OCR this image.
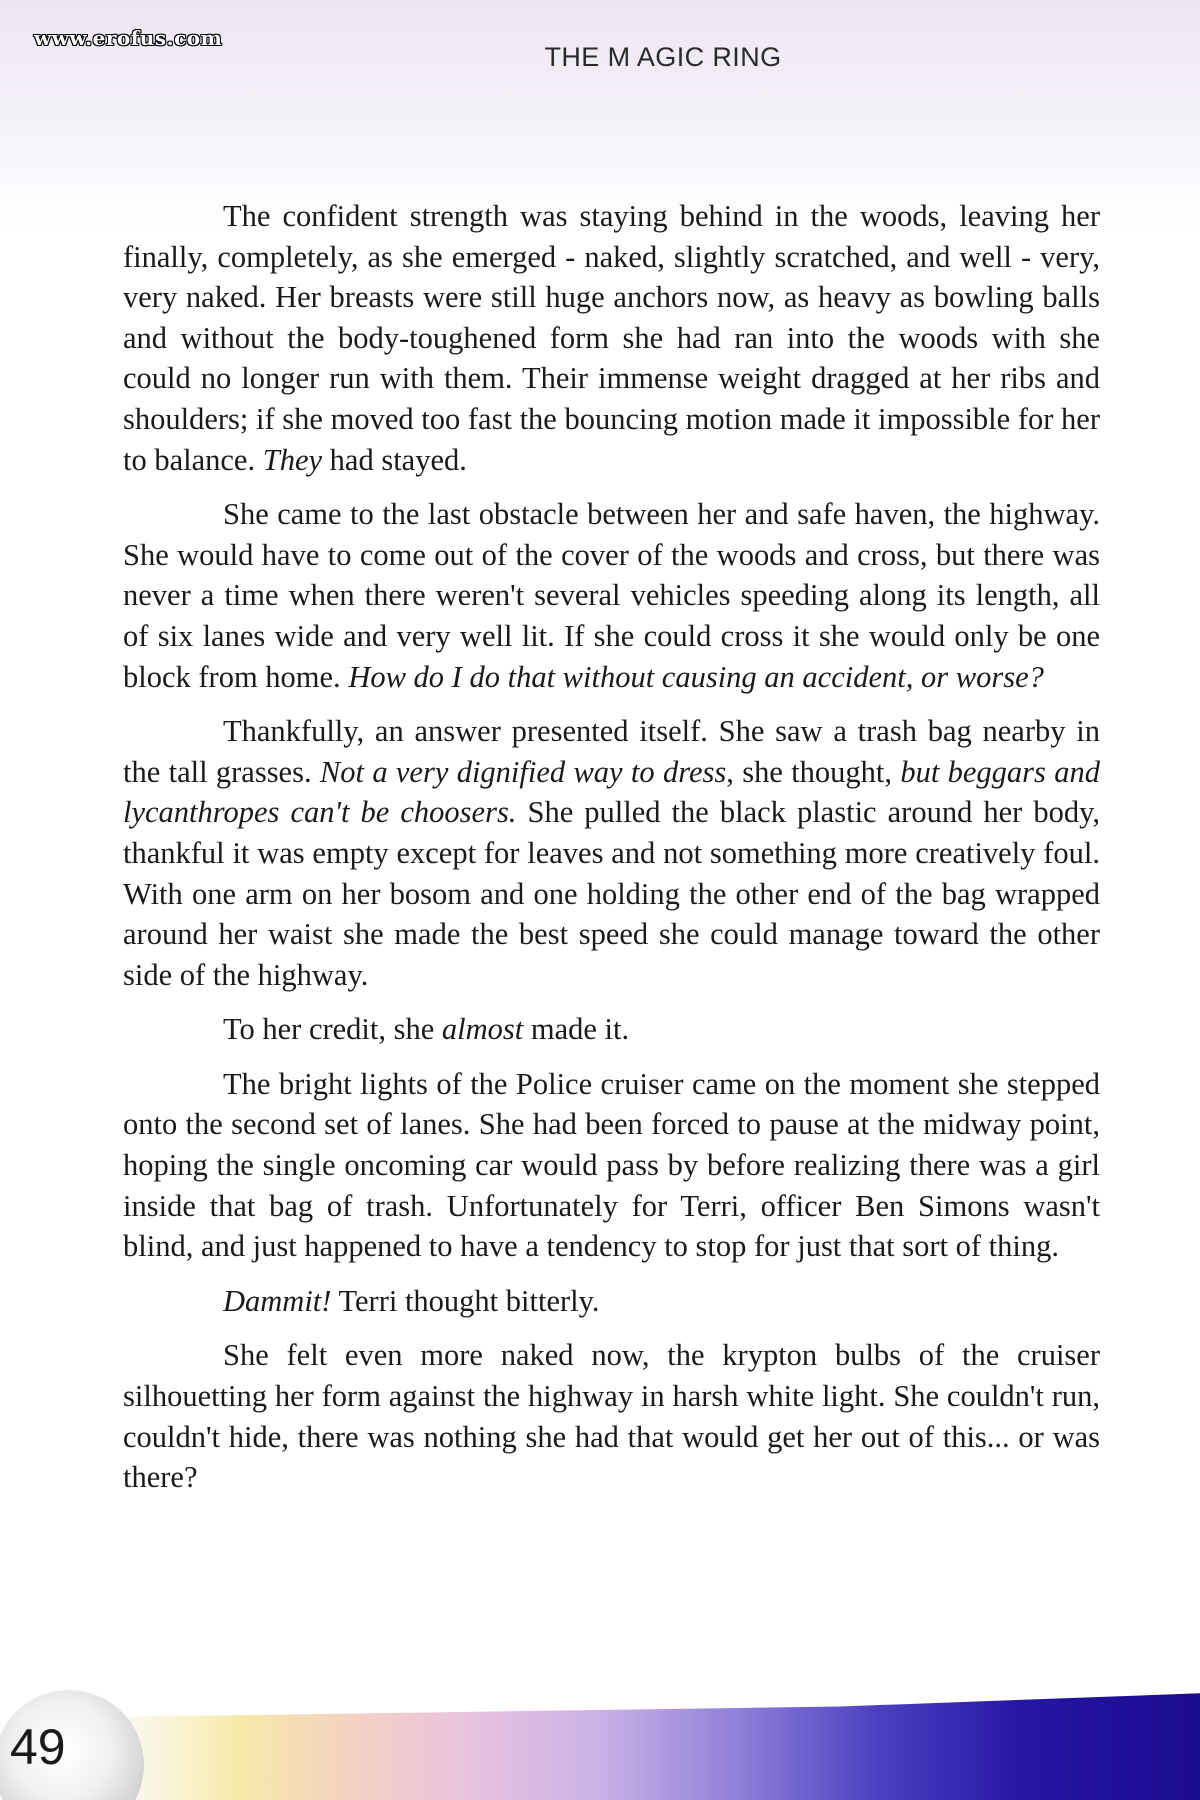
www.erofus.com
THE M AGIC RING

The confident strength was staying behind in the woods, leaving her finally, completely, as she emerged - naked, slightly scratched, and well - very, very naked. Her breasts were still huge anchors now, as heavy as bowling balls and without the body-toughened form she had ran into the woods with she could no longer run with them. Their immense weight dragged at her ribs and shoulders; if she moved too fast the bouncing motion made it impossible for her to balance. They had stayed.

She came to the last obstacle between her and safe haven, the highway. She would have to come out of the cover of the woods and cross, but there was never a time when there weren't several vehicles speeding along its length, all of six lanes wide and very well lit. If she could cross it she would only be one block from home. How do I do that without causing an accident, or worse?

Thankfully, an answer presented itself. She saw a trash bag nearby in the tall grasses. Not a very dignified way to dress, she thought, but beggars and lycanthropes can't be choosers. She pulled the black plastic around her body, thankful it was empty except for leaves and not something more creatively foul. With one arm on her bosom and one holding the other end of the bag wrapped around her waist she made the best speed she could manage toward the other side of the highway.

To her credit, she almost made it.

The bright lights of the Police cruiser came on the moment she stepped onto the second set of lanes. She had been forced to pause at the midway point, hoping the single oncoming car would pass by before realizing there was a girl inside that bag of trash. Unfortunately for Terri, officer Ben Simons wasn't blind, and just happened to have a tendency to stop for just that sort of thing.

Dammit! Terri thought bitterly.

She felt even more naked now, the krypton bulbs of the cruiser silhouetting her form against the highway in harsh white light. She couldn't run, couldn't hide, there was nothing she had that would get her out of this... or was there?

49
